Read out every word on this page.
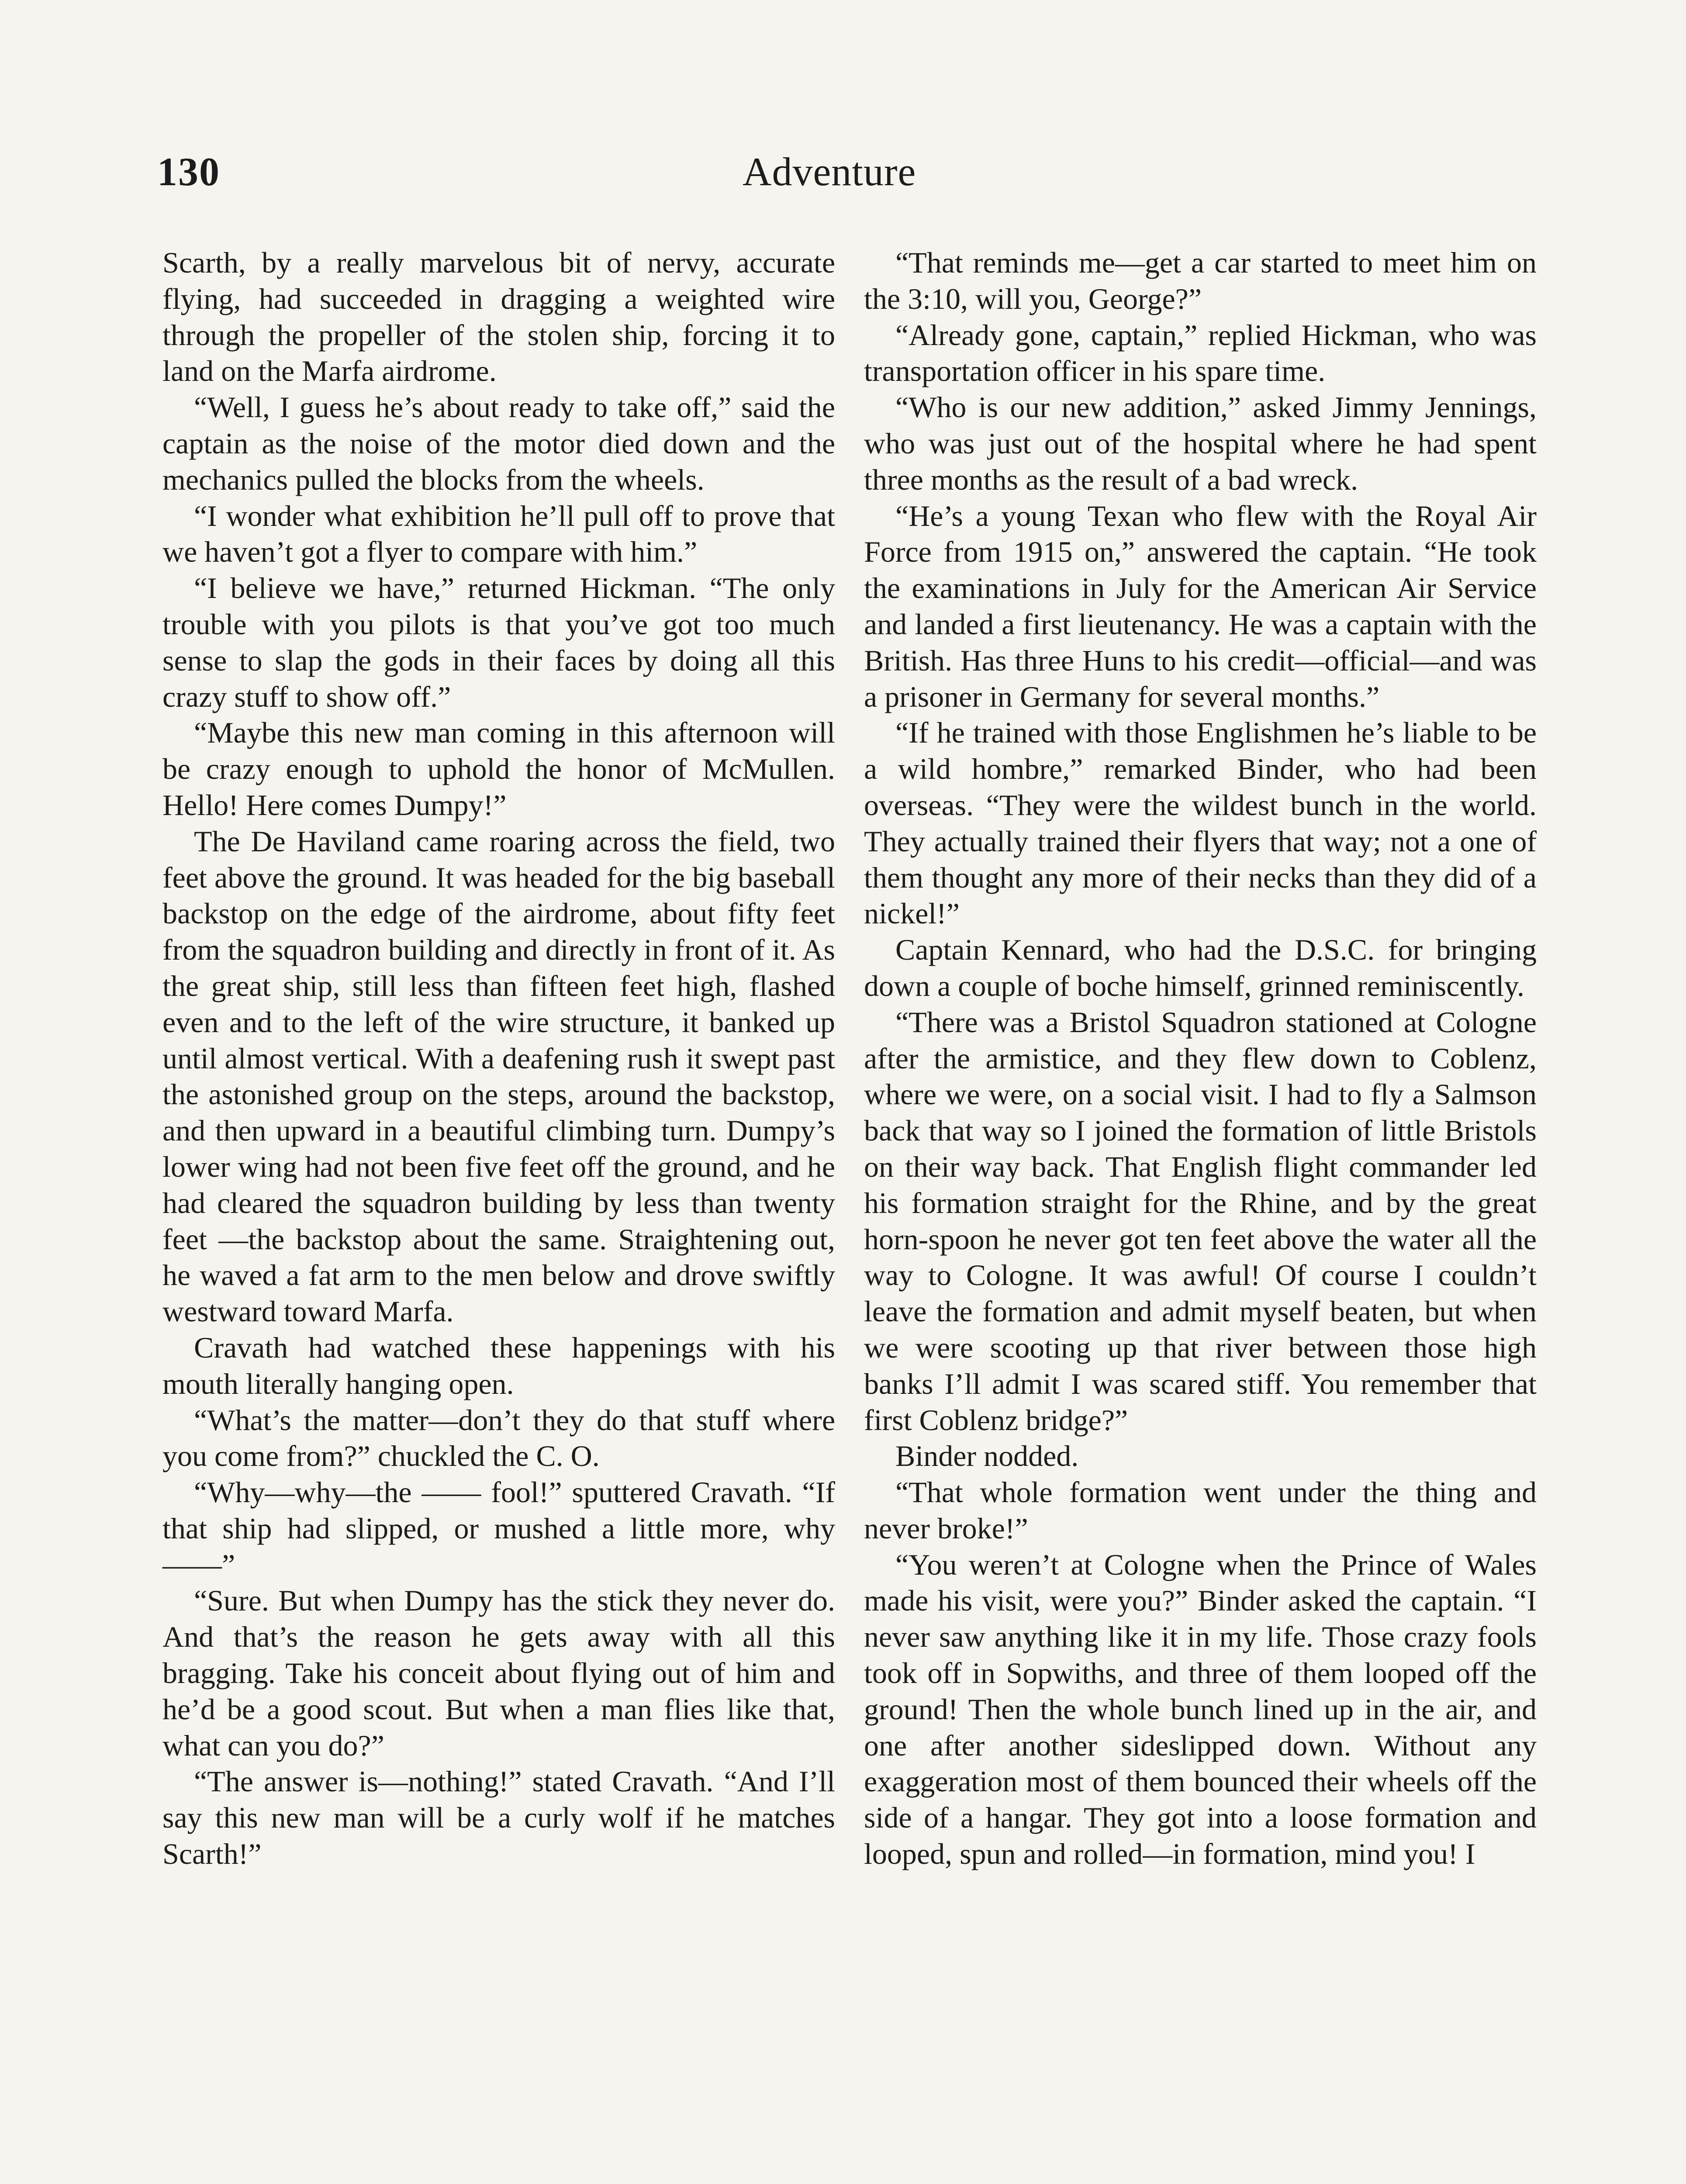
130	Adventure

Scarth, by a really marvelous bit of nervy, accurate flying, had succeeded in dragging a weighted wire through the propeller of the stolen ship, forcing it to land on the Marfa airdrome.

“Well, I guess he’s about ready to take off,” said the captain as the noise of the motor died down and the mechanics pulled the blocks from the wheels.

“I wonder what exhibition he’ll pull off to prove that we haven’t got a flyer to compare with him.”

“I believe we have,” returned Hickman. “The only trouble with you pilots is that you’ve got too much sense to slap the gods in their faces by doing all this crazy stuff to show off.”

“Maybe this new man coming in this afternoon will be crazy enough to uphold the honor of McMullen. Hello! Here comes Dumpy!”

The De Haviland came roaring across the field, two feet above the ground. It was headed for the big baseball backstop on the edge of the airdrome, about fifty feet from the squadron building and directly in front of it. As the great ship, still less than fifteen feet high, flashed even and to the left of the wire structure, it banked up until almost vertical. With a deafening rush it swept past the astonished group on the steps, around the backstop, and then upward in a beautiful climbing turn. Dumpy’s lower wing had not been five feet off the ground, and he had cleared the squadron building by less than twenty feet —the backstop about the same. Straightening out, he waved a fat arm to the men below and drove swiftly westward toward Marfa.

Cravath had watched these happenings with his mouth literally hanging open.

“What’s the matter—don’t they do that stuff where you come from?” chuckled the C. O.

“Why—why—the —— fool!” sputtered Cravath. “If that ship had slipped, or mushed a little more, why——”

“Sure. But when Dumpy has the stick they never do. And that’s the reason he gets away with all this bragging. Take his conceit about flying out of him and he’d be a good scout. But when a man flies like that, what can you do?”

“The answer is—nothing!” stated Cravath. “And I’ll say this new man will be a curly wolf if he matches Scarth!”

“That reminds me—get a car started to meet him on the 3:10, will you, George?”

“Already gone, captain,” replied Hickman, who was transportation officer in his spare time.

“Who is our new addition,” asked Jimmy Jennings, who was just out of the hospital where he had spent three months as the result of a bad wreck.

“He’s a young Texan who flew with the Royal Air Force from 1915 on,” answered the captain. “He took the examinations in July for the American Air Service and landed a first lieutenancy. He was a captain with the British. Has three Huns to his credit—official—and was a prisoner in Germany for several months.”

“If he trained with those Englishmen he’s liable to be a wild hombre,” remarked Binder, who had been overseas. “They were the wildest bunch in the world. They actually trained their flyers that way; not a one of them thought any more of their necks than they did of a nickel!”

Captain Kennard, who had the D.S.C. for bringing down a couple of boche himself, grinned reminiscently.

“There was a Bristol Squadron stationed at Cologne after the armistice, and they flew down to Coblenz, where we were, on a social visit. I had to fly a Salmson back that way so I joined the formation of little Bristols on their way back. That English flight commander led his formation straight for the Rhine, and by the great horn-spoon he never got ten feet above the water all the way to Cologne. It was awful! Of course I couldn’t leave the formation and admit myself beaten, but when we were scooting up that river between those high banks I’ll admit I was scared stiff. You remember that first Coblenz bridge?”

Binder nodded.

“That whole formation went under the thing and never broke!”

“You weren’t at Cologne when the Prince of Wales made his visit, were you?” Binder asked the captain. “I never saw anything like it in my life. Those crazy fools took off in Sopwiths, and three of them looped off the ground! Then the whole bunch lined up in the air, and one after another sideslipped down. Without any exaggeration most of them bounced their wheels off the side of a hangar. They got into a loose formation and looped, spun and rolled—in formation, mind you! I
